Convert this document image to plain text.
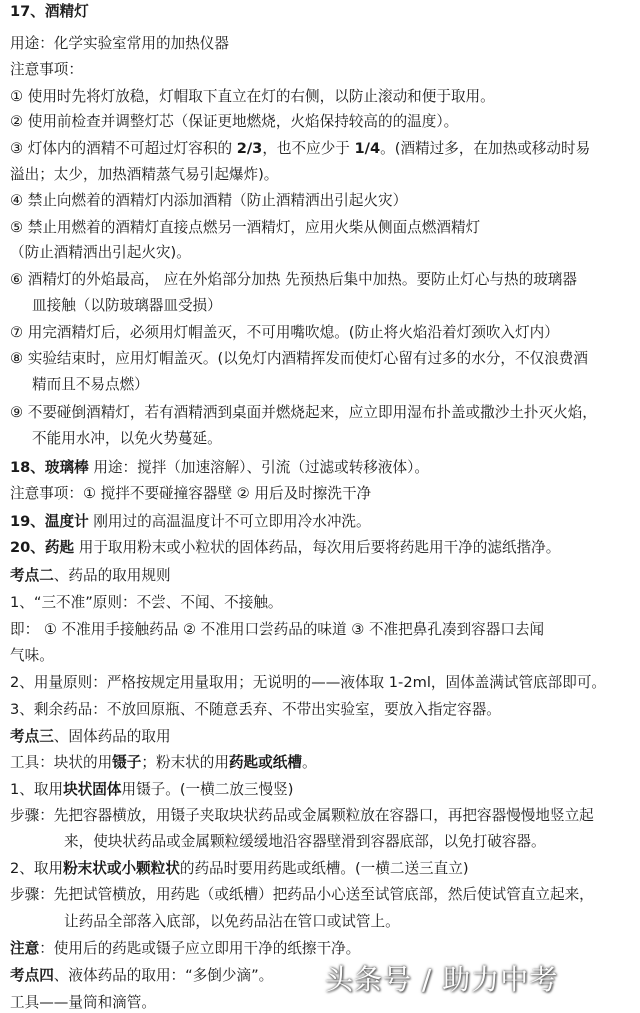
17、酒精灯
用途：化学实验室常用的加热仪器
注意事项：
① 使用时先将灯放稳，灯帽取下直立在灯的右侧，以防止滚动和便于取用。
② 使用前检查并调整灯芯（保证更地燃烧，火焰保持较高的的温度）。
③ 灯体内的酒精不可超过灯容积的 2/3，也不应少于 1/4。(酒精过多，在加热或移动时易
溢出；太少，加热酒精蒸气易引起爆炸)。
④ 禁止向燃着的酒精灯内添加酒精（防止酒精洒出引起火灾）
⑤ 禁止用燃着的酒精灯直接点燃另一酒精灯，应用火柴从侧面点燃酒精灯
（防止酒精洒出引起火灾)。
⑥ 酒精灯的外焰最高， 应在外焰部分加热 先预热后集中加热。要防止灯心与热的玻璃器
皿接触（以防玻璃器皿受损）
⑦ 用完酒精灯后，必须用灯帽盖灭，不可用嘴吹熄。(防止将火焰沿着灯颈吹入灯内）
⑧ 实验结束时，应用灯帽盖灭。(以免灯内酒精挥发而使灯心留有过多的水分，不仅浪费酒
精而且不易点燃）
⑨ 不要碰倒酒精灯，若有酒精洒到桌面并燃烧起来，应立即用湿布扑盖或撒沙土扑灭火焰，
不能用水冲，以免火势蔓延。
18、玻璃棒 用途：搅拌（加速溶解）、引流（过滤或转移液体）。
注意事项：① 搅拌不要碰撞容器壁 ② 用后及时擦洗干净
19、温度计 刚用过的高温温度计不可立即用冷水冲洗。
20、药匙 用于取用粉末或小粒状的固体药品，每次用后要将药匙用干净的滤纸揩净。
考点二、药品的取用规则
1、“三不准”原则：不尝、不闻、不接触。
即： ① 不准用手接触药品 ② 不准用口尝药品的味道 ③ 不准把鼻孔凑到容器口去闻
气味。
2、用量原则：严格按规定用量取用；无说明的——液体取 1-2ml，固体盖满试管底部即可。
3、剩余药品：不放回原瓶、不随意丢弃、不带出实验室，要放入指定容器。
考点三、固体药品的取用
工具：块状的用镊子；粉末状的用药匙或纸槽。
1、取用块状固体用镊子。(一横二放三慢竖)
步骤：先把容器横放，用镊子夹取块状药品或金属颗粒放在容器口，再把容器慢慢地竖立起
来，使块状药品或金属颗粒缓缓地沿容器壁滑到容器底部，以免打破容器。
2、取用粉末状或小颗粒状的药品时要用药匙或纸槽。(一横二送三直立)
步骤：先把试管横放，用药匙（或纸槽）把药品小心送至试管底部，然后使试管直立起来，
让药品全部落入底部，以免药品沾在管口或试管上。
注意：使用后的药匙或镊子应立即用干净的纸擦干净。
考点四、液体药品的取用：“多倒少滴”。
工具——量筒和滴管。
头条号 / 助力中考
